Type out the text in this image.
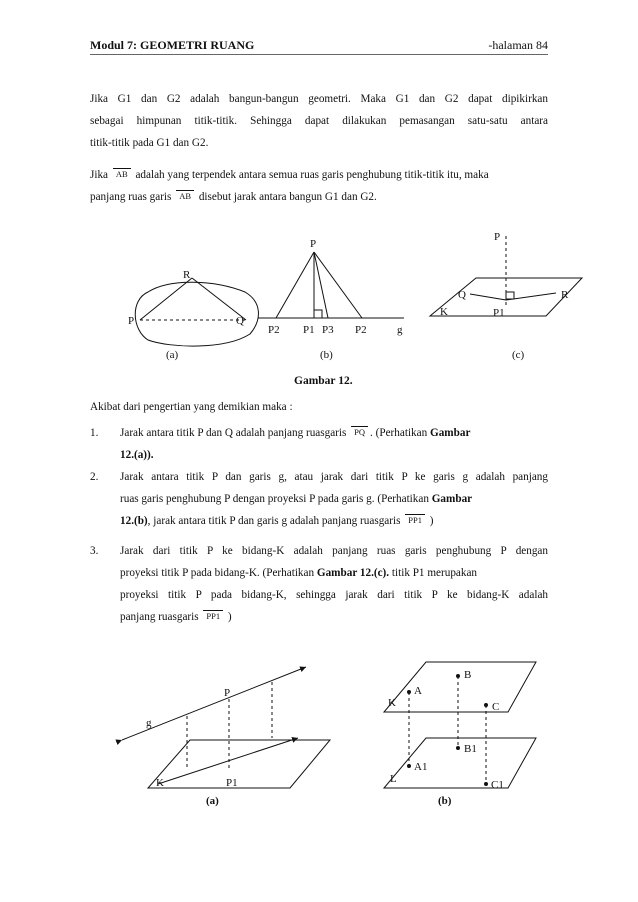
Modul 7: GEOMETRI RUANG	-halaman 84
Jika G1 dan G2 adalah bangun-bangun geometri. Maka G1 dan G2 dapat dipikirkan
sebagai himpunan titik-titik. Sehingga dapat dilakukan pemasangan satu-satu antara
titik-titik pada G1 dan G2.
Jika AB adalah yang terpendek antara semua ruas garis penghubung titik-titik itu, maka
panjang ruas garis AB disebut jarak antara bangun G1 dan G2.
P	Q
R
(a)
P
P2 P1 P3 P2	g
(b)
P
Q	R
K	P1
(c)
Gambar 12.
Akibat dari pengertian yang demikian maka :
1. Jarak antara titik P dan Q adalah panjang ruasgaris PQ . (Perhatikan Gambar
12.(a)).
2. Jarak antara titik P dan garis g, atau jarak dari titik P ke garis g adalah panjang
ruas garis penghubung P dengan proyeksi P pada garis g. (Perhatikan Gambar
12.(b), jarak antara titik P dan garis g adalah panjang ruasgaris PP1 )
3. Jarak dari titik P ke bidang-K adalah panjang ruas garis penghubung P dengan
proyeksi titik P pada bidang-K. (Perhatikan Gambar 12.(c). titik P1 merupakan
proyeksi titik P pada bidang-K, sehingga jarak dari titik P ke bidang-K adalah
panjang ruasgaris PP1 )
P
g
K	P1
(a)
B
A
K	C
B1
A1
L	C1
(b)
